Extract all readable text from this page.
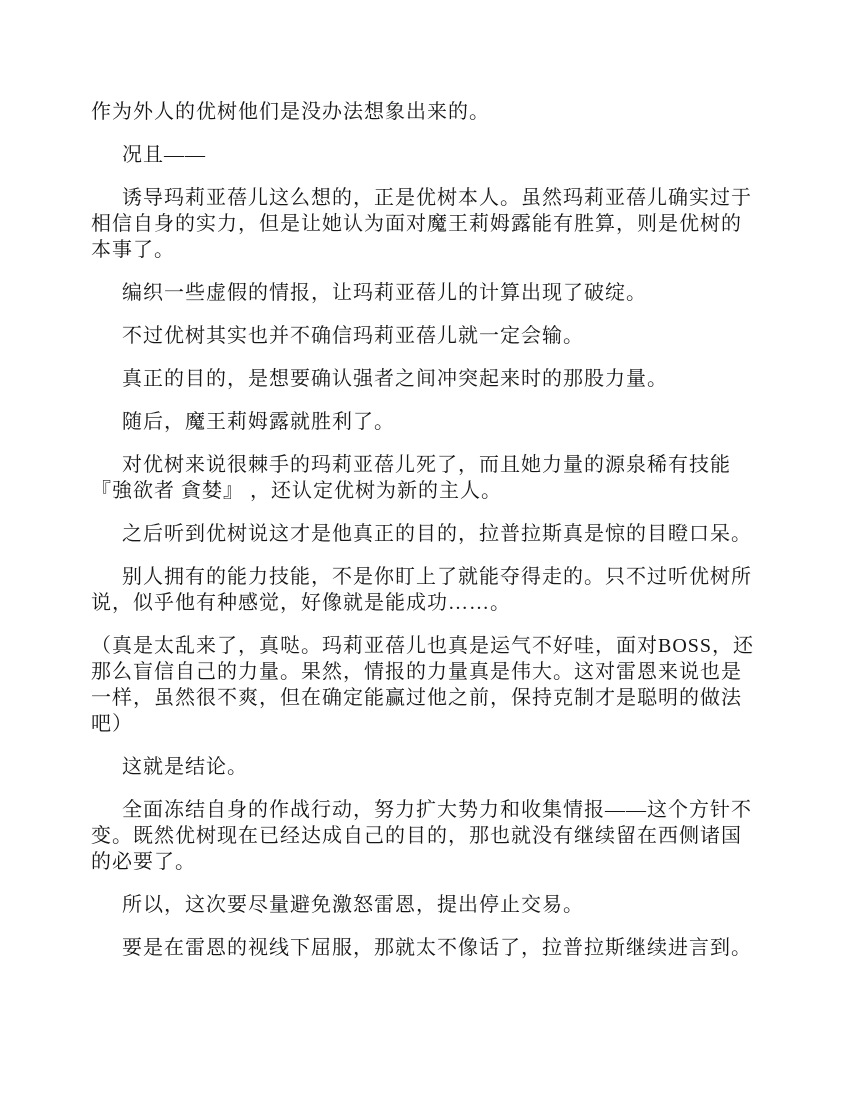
作为外人的优树他们是没办法想象出来的。

况且——

诱导玛莉亚蓓儿这么想的，正是优树本人。虽然玛莉亚蓓儿确实过于相信自身的实力，但是让她认为面对魔王莉姆露能有胜算，则是优树的本事了。

编织一些虚假的情报，让玛莉亚蓓儿的计算出现了破绽。

不过优树其实也并不确信玛莉亚蓓儿就一定会输。

真正的目的，是想要确认强者之间冲突起来时的那股力量。

随后，魔王莉姆露就胜利了。

对优树来说很棘手的玛莉亚蓓儿死了，而且她力量的源泉稀有技能『強欲者 貪婪』 ，还认定优树为新的主人。

之后听到优树说这才是他真正的目的，拉普拉斯真是惊的目瞪口呆。

别人拥有的能力技能，不是你盯上了就能夺得走的。只不过听优树所说，似乎他有种感觉，好像就是能成功……。

（真是太乱来了，真哒。玛莉亚蓓儿也真是运气不好哇，面对BOSS，还那么盲信自己的力量。果然，情报的力量真是伟大。这对雷恩来说也是一样，虽然很不爽，但在确定能赢过他之前，保持克制才是聪明的做法吧）

这就是结论。

全面冻结自身的作战行动，努力扩大势力和收集情报——这个方针不变。既然优树现在已经达成自己的目的，那也就没有继续留在西侧诸国的必要了。

所以，这次要尽量避免激怒雷恩，提出停止交易。

要是在雷恩的视线下屈服，那就太不像话了，拉普拉斯继续进言到。
